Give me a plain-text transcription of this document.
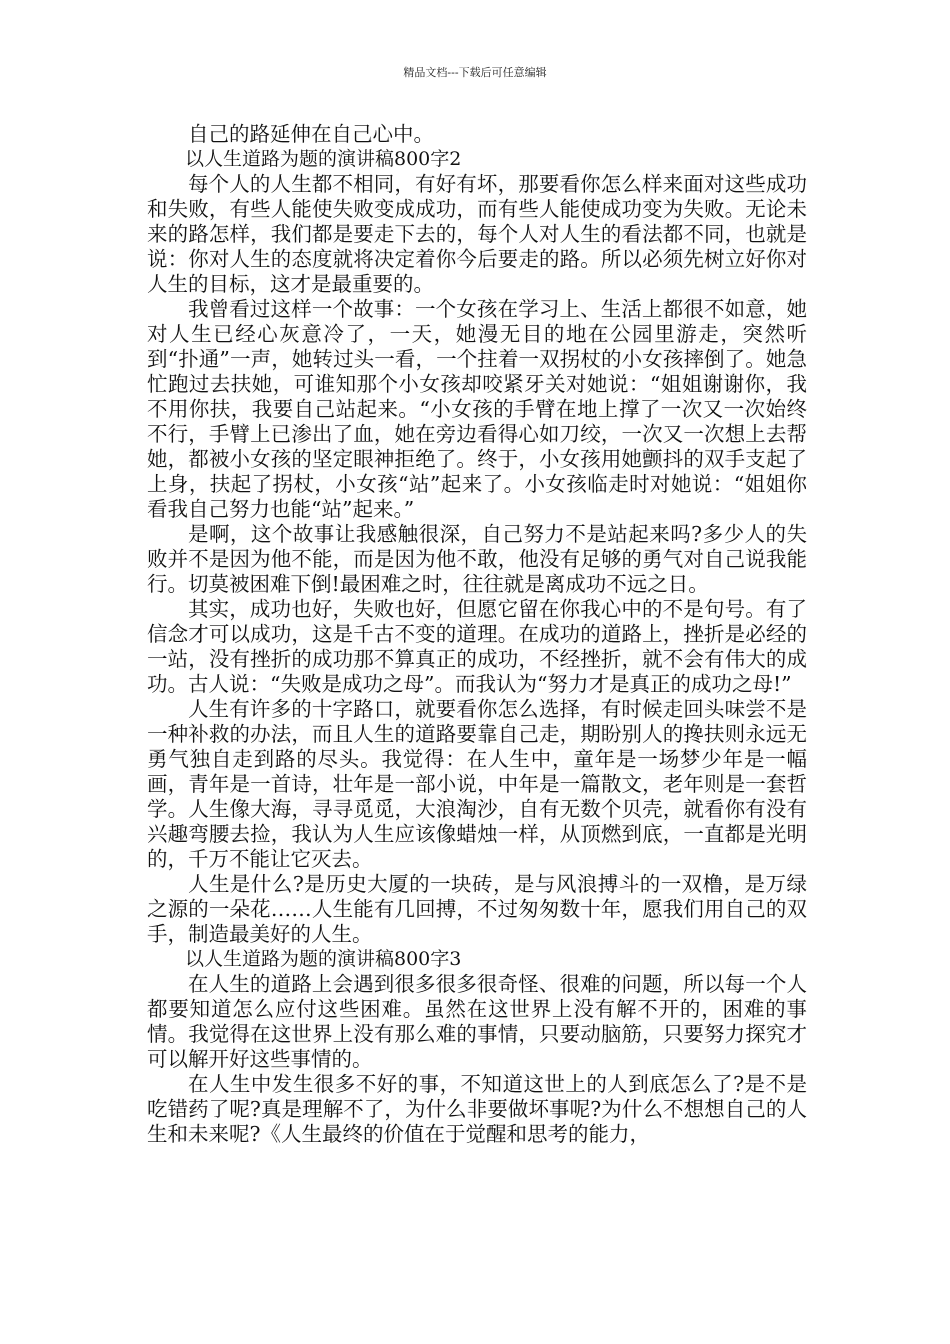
精品文档---下载后可任意编辑

自己的路延伸在自己心中。

以人生道路为题的演讲稿800字2

每个人的人生都不相同，有好有坏，那要看你怎么样来面对这些成功和失败，有些人能使失败变成成功，而有些人能使成功变为失败。无论未来的路怎样，我们都是要走下去的，每个人对人生的看法都不同，也就是说：你对人生的态度就将决定着你今后要走的路。所以必须先树立好你对人生的目标，这才是最重要的。

我曾看过这样一个故事：一个女孩在学习上、生活上都很不如意，她对人生已经心灰意冷了，一天，她漫无目的地在公园里游走，突然听到“扑通”一声，她转过头一看，一个拄着一双拐杖的小女孩摔倒了。她急忙跑过去扶她，可谁知那个小女孩却咬紧牙关对她说：“姐姐谢谢你，我不用你扶，我要自己站起来。“小女孩的手臂在地上撑了一次又一次始终不行，手臂上已渗出了血，她在旁边看得心如刀绞，一次又一次想上去帮她，都被小女孩的坚定眼神拒绝了。终于，小女孩用她颤抖的双手支起了上身，扶起了拐杖，小女孩“站”起来了。小女孩临走时对她说：“姐姐你看我自己努力也能“站”起来。”

是啊，这个故事让我感触很深，自己努力不是站起来吗?多少人的失败并不是因为他不能，而是因为他不敢，他没有足够的勇气对自己说我能行。切莫被困难下倒!最困难之时，往往就是离成功不远之日。

其实，成功也好，失败也好，但愿它留在你我心中的不是句号。有了信念才可以成功，这是千古不变的道理。在成功的道路上，挫折是必经的一站，没有挫折的成功那不算真正的成功，不经挫折，就不会有伟大的成功。古人说：“失败是成功之母”。而我认为“努力才是真正的成功之母!”

人生有许多的十字路口，就要看你怎么选择，有时候走回头味尝不是一种补救的办法，而且人生的道路要靠自己走，期盼别人的搀扶则永远无勇气独自走到路的尽头。我觉得：在人生中，童年是一场梦少年是一幅画，青年是一首诗，壮年是一部小说，中年是一篇散文，老年则是一套哲学。人生像大海，寻寻觅觅，大浪淘沙，自有无数个贝壳，就看你有没有兴趣弯腰去捡，我认为人生应该像蜡烛一样，从顶燃到底，一直都是光明的，千万不能让它灭去。

人生是什么?是历史大厦的一块砖，是与风浪搏斗的一双橹，是万绿之源的一朵花……人生能有几回搏，不过匆匆数十年，愿我们用自己的双手，制造最美好的人生。

以人生道路为题的演讲稿800字3

在人生的道路上会遇到很多很多很奇怪、很难的问题，所以每一个人都要知道怎么应付这些困难。虽然在这世界上没有解不开的，困难的事情。我觉得在这世界上没有那么难的事情，只要动脑筋，只要努力探究才可以解开好这些事情的。

在人生中发生很多不好的事，不知道这世上的人到底怎么了?是不是吃错药了呢?真是理解不了，为什么非要做坏事呢?为什么不想想自己的人生和未来呢?《人生最终的价值在于觉醒和思考的能力，
